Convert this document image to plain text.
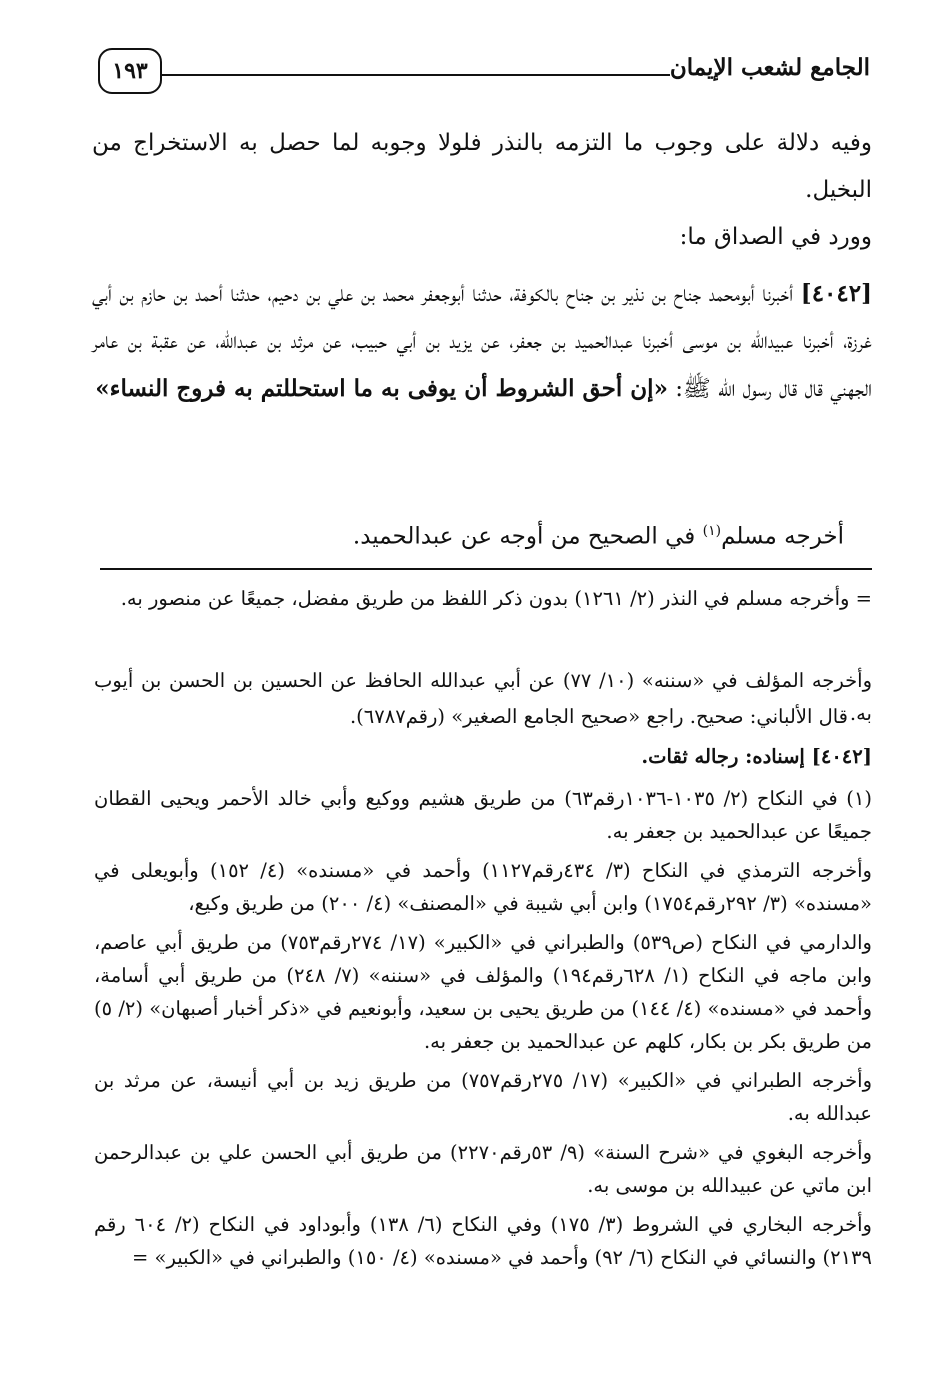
الجامع لشعب الإيمان
١٩٣
وفيه دلالة على وجوب ما التزمه بالنذر فلولا وجوبه لما حصل به الاستخراج من البخيل.
وورد في الصداق ما:
[٤٠٤٢] أخبرنا أبومحمد جناح بن نذير بن جناح بالكوفة، حدثنا أبوجعفر محمد بن علي بن دحيم، حدثنا أحمد بن حازم بن أبي غرزة، أخبرنا عبيدالله بن موسى أخبرنا عبدالحميد بن جعفر، عن يزيد بن أبي حبيب، عن مرثد بن عبدالله، عن عقبة بن عامر الجهني قال قال رسول الله ﷺ: «إن أحق الشروط أن يوفى به ما استحللتم به فروج النساء»
أخرجه مسلم$^{(١)}$ في الصحيح من أوجه عن عبدالحميد.
= وأخرجه مسلم في النذر (٢/ ١٢٦١) بدون ذكر اللفظ من طريق مفضل، جميعًا عن منصور به.
وأخرجه المؤلف في «سننه» (١٠/ ٧٧) عن أبي عبدالله الحافظ عن الحسين بن الحسن بن أيوب به.
قال الألباني: صحيح. راجع «صحيح الجامع الصغير» (رقم٦٧٨٧).
[٤٠٤٢] إسناده: رجاله ثقات.

(١) في النكاح (٢/ ١٠٣٥-١٠٣٦رقم٦٣) من طريق هشيم ووكيع وأبي خالد الأحمر ويحيى القطان جميعًا عن عبدالحميد بن جعفر به.

وأخرجه الترمذي في النكاح (٣/ ٤٣٤رقم١١٢٧) وأحمد في «مسنده» (٤/ ١٥٢) وأبويعلى في «مسنده» (٣/ ٢٩٢رقم١٧٥٤) وابن أبي شيبة في «المصنف» (٤/ ٢٠٠) من طريق وكيع،

والدارمي في النكاح (ص٥٣٩) والطبراني في «الكبير» (١٧/ ٢٧٤رقم٧٥٣) من طريق أبي عاصم، وابن ماجه في النكاح (١/ ٦٢٨رقم١٩٤) والمؤلف في «سننه» (٧/ ٢٤٨) من طريق أبي أسامة، وأحمد في «مسنده» (٤/ ١٤٤) من طريق يحيى بن سعيد، وأبونعيم في «ذكر أخبار أصبهان» (٢/ ٥) من طريق بكر بن بكار، كلهم عن عبدالحميد بن جعفر به.

وأخرجه الطبراني في «الكبير» (١٧/ ٢٧٥رقم٧٥٧) من طريق زيد بن أبي أنيسة، عن مرثد بن عبدالله به.

وأخرجه البغوي في «شرح السنة» (٩/ ٥٣رقم٢٢٧٠) من طريق أبي الحسن علي بن عبدالرحمن ابن ماتي عن عبيدالله بن موسى به.

وأخرجه البخاري في الشروط (٣/ ١٧٥) وفي النكاح (٦/ ١٣٨) وأبوداود في النكاح (٢/ ٦٠٤ رقم ٢١٣٩) والنسائي في النكاح (٦/ ٩٢) وأحمد في «مسنده» (٤/ ١٥٠) والطبراني في «الكبير» =
